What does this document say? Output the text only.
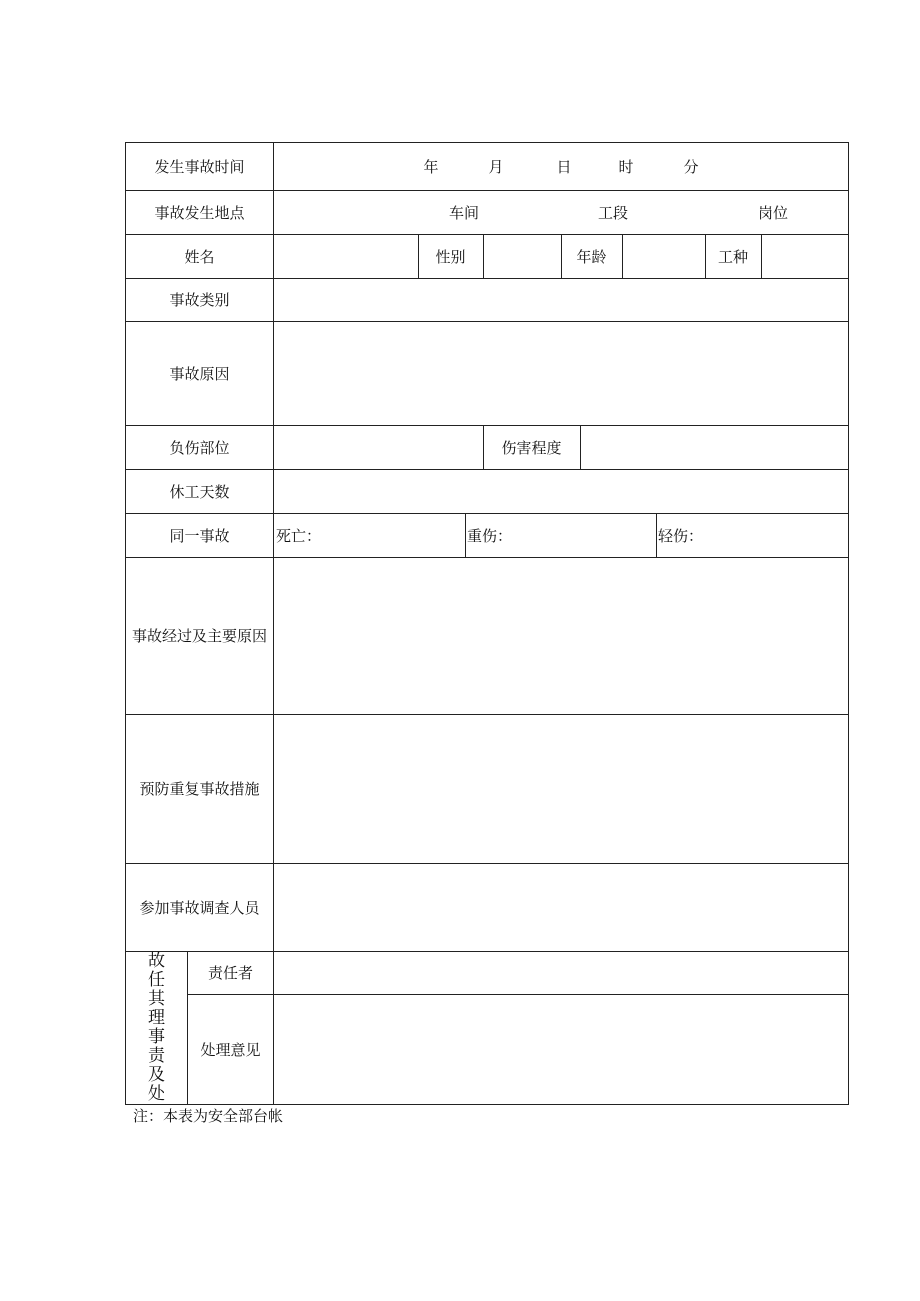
发生事故时间	年	月	日	时	分
事故发生地点	车间	工段	岗位
姓名	性别	年龄	工种
事故类别
事故原因
负伤部位	伤害程度
休工天数
同一事故	死亡：	重伤：	轻伤：
事故经过及主要原因
预防重复事故措施
参加事故调查人员
故
任
其
理
事
责
及
处
责任者
处理意见
注：本表为安全部台帐
